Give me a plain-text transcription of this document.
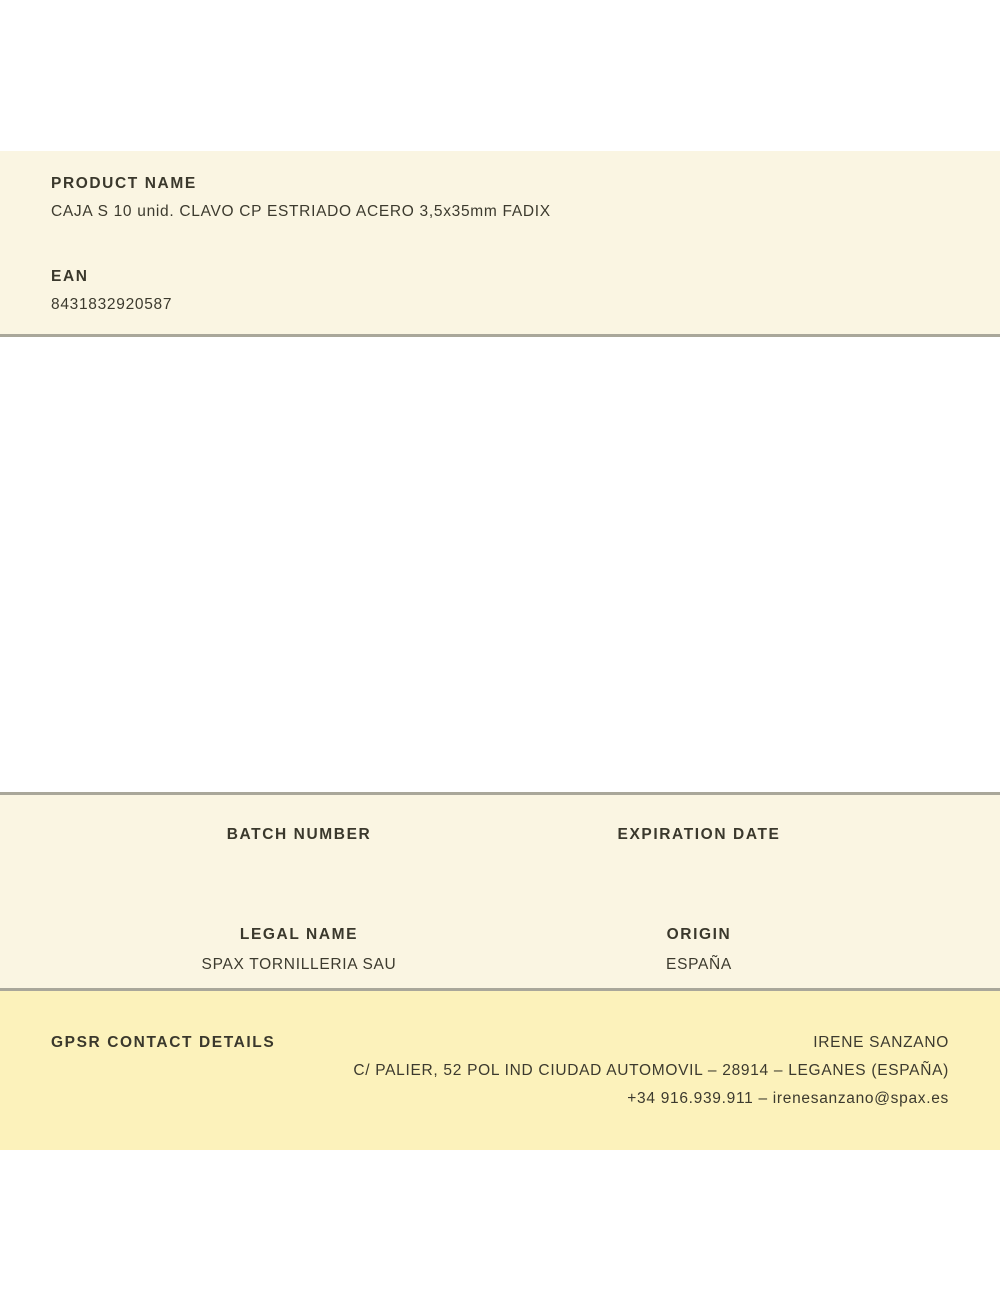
PRODUCT NAME
CAJA S 10 unid. CLAVO CP ESTRIADO ACERO 3,5x35mm FADIX
EAN
8431832920587
BATCH NUMBER	EXPIRATION DATE
LEGAL NAME
SPAX TORNILLERIA SAU
ORIGIN
ESPAÑA
GPSR CONTACT DETAILS	IRENE SANZANO
C/ PALIER, 52 POL IND CIUDAD AUTOMOVIL – 28914 – LEGANES (ESPAÑA)
+34 916.939.911 – irenesanzano@spax.es
